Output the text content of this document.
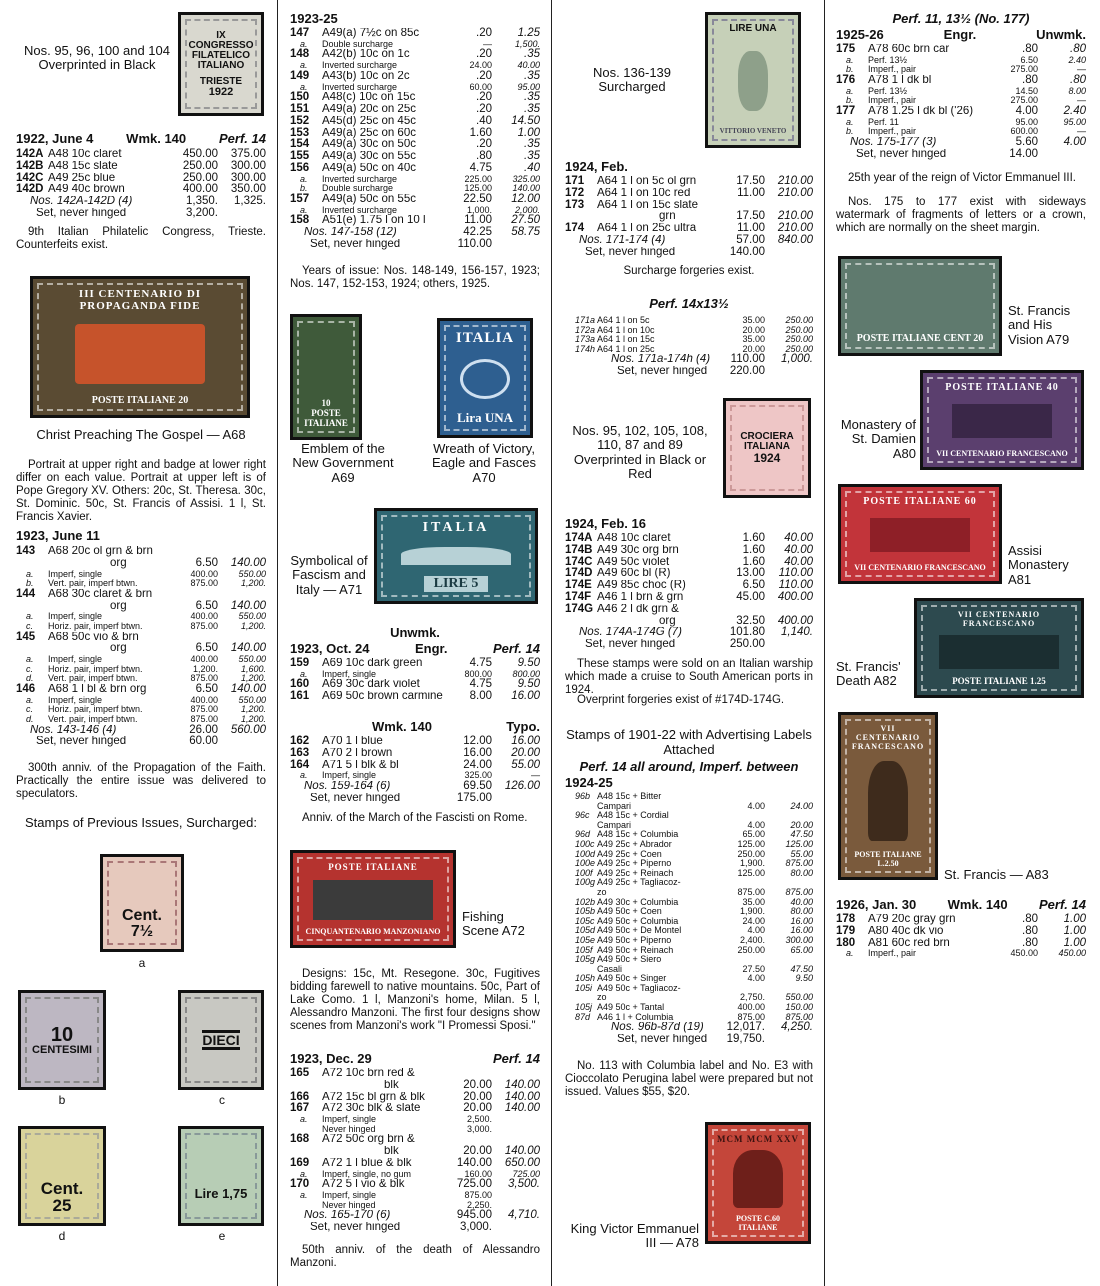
Nos. 95, 96, 100 and 104 Overprinted in Black
IX CONGRESSO
FILATELICO
ITALIANO
TRIESTE
1922
1922, June 4	Wmk. 140	Perf. 14
142A A48 10c claret	450.00	375.00
142B A48 15c slate	250.00	300.00
142C A49 25c blue	250.00	300.00
142D A49 40c brown	400.00	350.00
Nos. 142A-142D (4)	1,350.	1,325.
Set, never hinged	3,200.
9th Italian Philatelic Congress, Trieste. Counterfeits exist.
III CENTENARIO DI PROPAGANDA FIDE
POSTE ITALIANE 20
Christ Preaching The Gospel — A68
Portrait at upper right and badge at lower right differ on each value. Portrait at upper left is of Pope Gregory XV. Others: 20c, St. Theresa. 30c, St. Dominic. 50c, St. Francis of Assisi. 1 l, St. Francis Xavier.
1923, June 11
143	A68 20c ol grn & brn
org	6.50	140.00
a.	Imperf, single	400.00	550.00
b.	Vert. pair, imperf btwn.	875.00	1,200.
144	A68 30c claret & brn
org	6.50	140.00
a.	Imperf, single	400.00	550.00
c.	Horiz. pair, imperf btwn.	875.00	1,200.
145	A68 50c vio & brn
org	6.50	140.00
a.	Imperf, single	400.00	550.00
c.	Horiz. pair, imperf btwn.	1,200.	1,600.
d.	Vert. pair, imperf btwn.	875.00	1,200.
146	A68 1 l bl & brn org	6.50	140.00
a.	Imperf, single	400.00	550.00
c.	Horiz. pair, imperf btwn.	875.00	1,200.
d.	Vert. pair, imperf btwn.	875.00	1,200.
Nos. 143-146 (4)	26.00	560.00
Set, never hinged	60.00
300th anniv. of the Propagation of the Faith. Practically the entire issue was delivered to speculators.
Stamps of Previous Issues, Surcharged:
Cent. 7½
a
10
CENTESIMI
b
DIECI
c
Cent. 25
d
Lire 1,75
e
1923-25
147	A49(a) 7½c on 85c	.20	1.25
a.	Double surcharge	—	1,500.
148	A42(b) 10c on 1c	.20	.35
a.	Inverted surcharge	24.00	40.00
149	A43(b) 10c on 2c	.20	.35
a.	Inverted surcharge	60.00	95.00
150	A48(c) 10c on 15c	.20	.35
151	A49(a) 20c on 25c	.20	.35
152	A45(d) 25c on 45c	.40	14.50
153	A49(a) 25c on 60c	1.60	1.00
154	A49(a) 30c on 50c	.20	.35
155	A49(a) 30c on 55c	.80	.35
156	A49(a) 50c on 40c	4.75	.40
a.	Inverted surcharge	225.00	325.00
b.	Double surcharge	125.00	140.00
157	A49(a) 50c on 55c	22.50	12.00
a.	Inverted surcharge	1,000.	2,000.
158	A51(e) 1.75 l on 10 l	11.00	27.50
Nos. 147-158 (12)	42.25	58.75
Set, never hinged	110.00
Years of issue: Nos. 148-149, 156-157, 1923; Nos. 147, 152-153, 1924; others, 1925.
10
POSTE ITALIANE
Emblem of the New Government A69
ITALIA
Lira UNA
Wreath of Victory, Eagle and Fasces A70
ITALIA
LIRE 5
Symbolical of Fascism and Italy — A71
Unwmk.
1923, Oct. 24	Engr.	Perf. 14
159	A69 10c dark green	4.75	9.50
a.	Imperf, single	800.00	800.00
160	A69 30c dark violet	4.75	9.50
161	A69 50c brown carmine	8.00	16.00
Wmk. 140	Typo.
162	A70 1 l blue	12.00	16.00
163	A70 2 l brown	16.00	20.00
164	A71 5 l blk & bl	24.00	55.00
a.	Imperf, single	325.00	—
Nos. 159-164 (6)	69.50	126.00
Set, never hinged	175.00
Anniv. of the March of the Fascisti on Rome.
POSTE ITALIANE
CINQUANTENARIO MANZONIANO
Fishing Scene A72
Designs: 15c, Mt. Resegone. 30c, Fugitives bidding farewell to native mountains. 50c, Part of Lake Como. 1 l, Manzoni's home, Milan. 5 l, Alessandro Manzoni. The first four designs show scenes from Manzoni's work "I Promessi Sposi."
1923, Dec. 29	Perf. 14
165	A72 10c brn red &
blk	20.00	140.00
166	A72 15c bl grn & blk	20.00	140.00
167	A72 30c blk & slate	20.00	140.00
a.	Imperf, single	2,500.
Never hinged	3,000.
168	A72 50c org brn &
blk	20.00	140.00
169	A72 1 l blue & blk	140.00	650.00
a.	Imperf, single, no gum	160.00	725.00
170	A72 5 l vio & blk	725.00	3,500.
a.	Imperf, single	875.00
Never hinged	2,250.
Nos. 165-170 (6)	945.00	4,710.
Set, never hinged	3,000.
50th anniv. of the death of Alessandro Manzoni.
Nos. 136-139 Surcharged
LIRE UNA
VITTORIO VENETO
1924, Feb.
171	A64 1 l on 5c ol grn	17.50	210.00
172	A64 1 l on 10c red	11.00	210.00
173	A64 1 l on 15c slate
grn	17.50	210.00
174	A64 1 l on 25c ultra	11.00	210.00
Nos. 171-174 (4)	57.00	840.00
Set, never hinged	140.00
Surcharge forgeries exist.
Perf. 14x13½
171a A64 1 l on 5c	35.00	250.00
172a A64 1 l on 10c	20.00	250.00
173a A64 1 l on 15c	35.00	250.00
174h A64 1 l on 25c	20.00	250.00
Nos. 171a-174h (4)	110.00	1,000.
Set, never hinged	220.00
Nos. 95, 102, 105, 108, 110, 87 and 89 Overprinted in Black or Red
CROCIERA
ITALIANA
1924
1924, Feb. 16
174A A48 10c claret	1.60	40.00
174B A49 30c org brn	1.60	40.00
174C A49 50c violet	1.60	40.00
174D A49 60c bl (R)	13.00	110.00
174E A49 85c choc (R)	6.50	110.00
174F A46 1 l brn & grn	45.00	400.00
174G A46 2 l dk grn &
org	32.50	400.00
Nos. 174A-174G (7)	101.80	1,140.
Set, never hinged	250.00
These stamps were sold on an Italian warship which made a cruise to South American ports in 1924.
Overprint forgeries exist of #174D-174G.
Stamps of 1901-22 with Advertising Labels Attached
Perf. 14 all around, Imperf. between
1924-25
96b A48 15c + Bitter
Campari	4.00	24.00
96c A48 15c + Cordial
Campari	4.00	20.00
96d A48 15c + Columbia	65.00	47.50
100c A49 25c + Abrador	125.00	125.00
100d A49 25c + Coen	250.00	55.00
100e A49 25c + Piperno	1,900.	875.00
100f A49 25c + Reinach	125.00	80.00
100g A49 25c + Tagliacoz-
zo	875.00	875.00
102b A49 30c + Columbia	35.00	40.00
105b A49 50c + Coen	1,900.	80.00
105c A49 50c + Columbia	24.00	16.00
105d A49 50c + De Montel	4.00	16.00
105e A49 50c + Piperno	2,400.	300.00
105f A49 50c + Reinach	250.00	65.00
105g A49 50c + Siero
Casali	27.50	47.50
105h A49 50c + Singer	4.00	9.50
105i A49 50c + Tagliacoz-
zo	2,750.	550.00
105j A49 50c + Tantal	400.00	150.00
87d A46 1 l + Columbia	875.00	875.00
Nos. 96b-87d (19)	12,017.	4,250.
Set, never hinged	19,750.
No. 113 with Columbia label and No. E3 with Cioccolato Perugina label were prepared but not issued. Values $55, $20.
MCM MCM XXV
POSTE C.60 ITALIANE
King Victor Emmanuel III — A78
Perf. 11, 13½ (No. 177)
1925-26	Engr.	Unwmk.
175	A78 60c brn car	.80	.80
a.	Perf. 13½	6.50	2.40
b.	Imperf., pair	275.00	—
176	A78 1 l dk bl	.80	.80
a.	Perf. 13½	14.50	8.00
b.	Imperf., pair	275.00	—
177	A78 1.25 l dk bl ('26)	4.00	2.40
a.	Perf. 11	95.00	95.00
b.	Imperf., pair	600.00	—
Nos. 175-177 (3)	5.60	4.00
Set, never hinged	14.00
25th year of the reign of Victor Emmanuel III.
Nos. 175 to 177 exist with sideways watermark of fragments of letters or a crown, which are normally on the sheet margin.
POSTE ITALIANE CENT 20
St. Francis and His Vision A79
POSTE ITALIANE 40
VII CENTENARIO FRANCESCANO
Monastery of St. Damien A80
POSTE ITALIANE 60
VII CENTENARIO FRANCESCANO
Assisi Monastery A81
VII CENTENARIO FRANCESCANO
POSTE ITALIANE 1.25
St. Francis' Death A82
VII CENTENARIO FRANCESCANO
POSTE ITALIANE L.2.50
St. Francis — A83
1926, Jan. 30 Wmk. 140 Perf. 14
178	A79 20c gray grn	.80	1.00
179	A80 40c dk vio	.80	1.00
180	A81 60c red brn	.80	1.00
a.	Imperf., pair	450.00	450.00
